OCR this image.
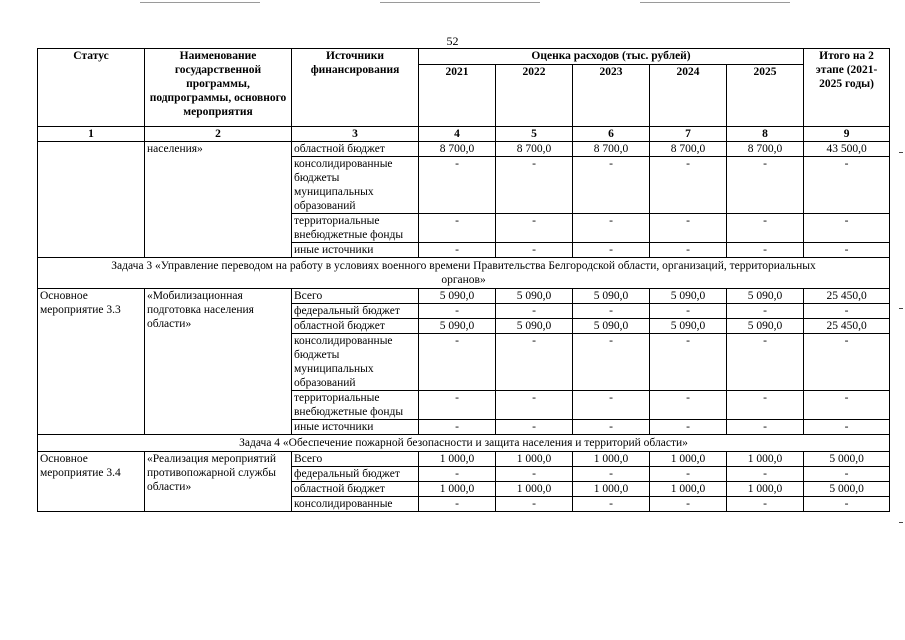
52
Статус	Наименование государственной программы, подпрограммы, основного мероприятия	Источники финансирования	Оценка расходов (тыс. рублей)					Итого на 2 этапе (2021-2025 годы)
			2021	2022	2023	2024	2025	
1	2	3	4	5	6	7	8	9
	населения»	областной бюджет	8 700,0	8 700,0	8 700,0	8 700,0	8 700,0	43 500,0
		консолидированные бюджеты муниципальных образований	-	-	-	-	-	-
		территориальные внебюджетные фонды	-	-	-	-	-	-
		иные источники	-	-	-	-	-	-
Задача 3 «Управление переводом на работу в условиях военного времени Правительства Белгородской области, организаций, территориальных органов»								
Основное мероприятие 3.3	«Мобилизационная подготовка населения области»	Всего	5 090,0	5 090,0	5 090,0	5 090,0	5 090,0	25 450,0
		федеральный бюджет	-	-	-	-	-	-
		областной бюджет	5 090,0	5 090,0	5 090,0	5 090,0	5 090,0	25 450,0
		консолидированные бюджеты муниципальных образований	-	-	-	-	-	-
		территориальные внебюджетные фонды	-	-	-	-	-	-
		иные источники	-	-	-	-	-	-
Задача 4 «Обеспечение пожарной безопасности и защита населения и территорий области»								
Основное мероприятие 3.4	«Реализация мероприятий противопожарной службы области»	Всего	1 000,0	1 000,0	1 000,0	1 000,0	1 000,0	5 000,0
		федеральный бюджет	-	-	-	-	-	-
		областной бюджет	1 000,0	1 000,0	1 000,0	1 000,0	1 000,0	5 000,0
		консолидированные	-	-	-	-	-	-
